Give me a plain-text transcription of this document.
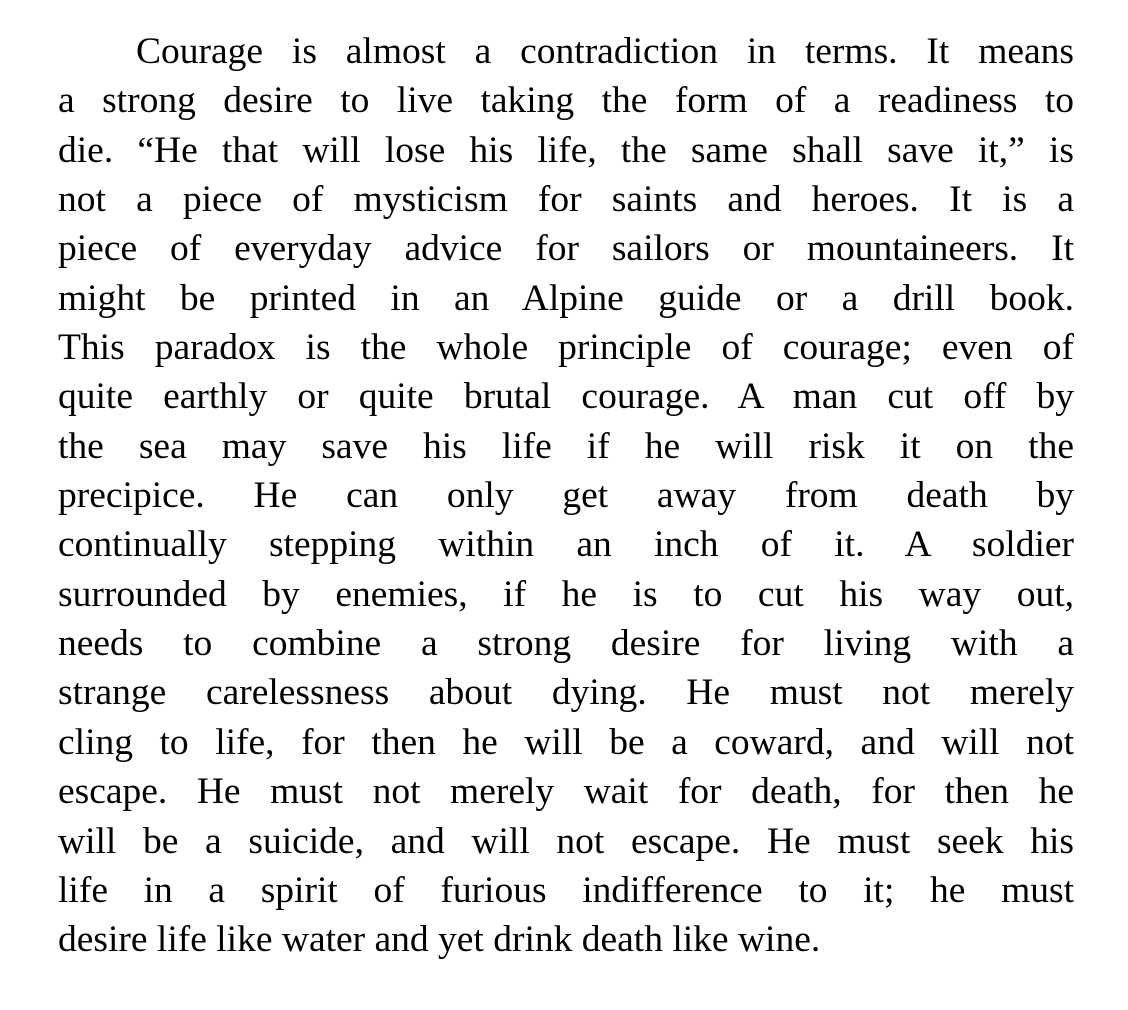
Courage is almost a contradiction in terms. It means
a strong desire to live taking the form of a readiness to
die. “He that will lose his life, the same shall save it,” is
not a piece of mysticism for saints and heroes. It is a
piece of everyday advice for sailors or mountaineers. It
might be printed in an Alpine guide or a drill book.
This paradox is the whole principle of courage; even of
quite earthly or quite brutal courage. A man cut off by
the sea may save his life if he will risk it on the
precipice. He can only get away from death by
continually stepping within an inch of it. A soldier
surrounded by enemies, if he is to cut his way out,
needs to combine a strong desire for living with a
strange carelessness about dying. He must not merely
cling to life, for then he will be a coward, and will not
escape. He must not merely wait for death, for then he
will be a suicide, and will not escape. He must seek his
life in a spirit of furious indifference to it; he must
desire life like water and yet drink death like wine.
